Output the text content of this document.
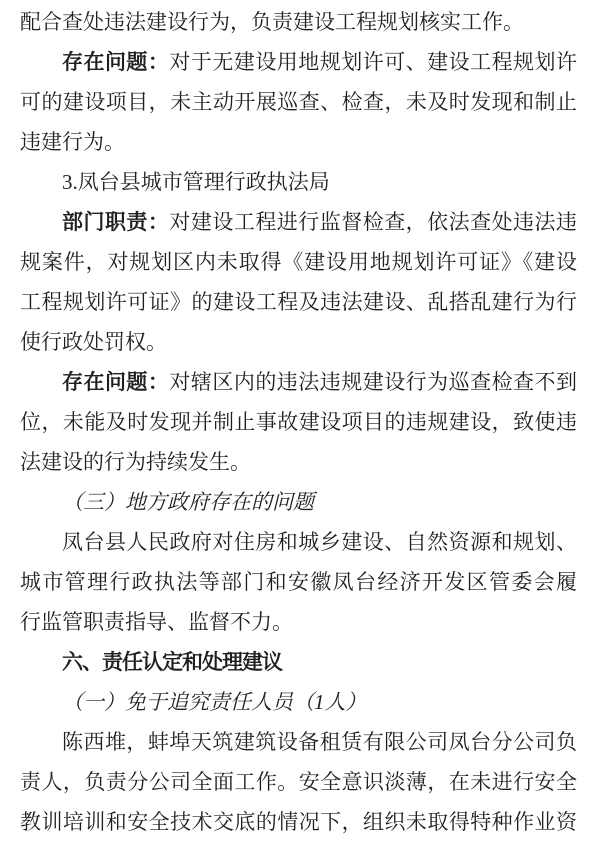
配合查处违法建设行为，负责建设工程规划核实工作。
存在问题：对于无建设用地规划许可、建设工程规划许
可的建设项目，未主动开展巡查、检查，未及时发现和制止
违建行为。
3.凤台县城市管理行政执法局
部门职责：对建设工程进行监督检查，依法查处违法违
规案件，对规划区内未取得《建设用地规划许可证》《建设
工程规划许可证》的建设工程及违法建设、乱搭乱建行为行
使行政处罚权。
存在问题：对辖区内的违法违规建设行为巡查检查不到
位，未能及时发现并制止事故建设项目的违规建设，致使违
法建设的行为持续发生。
（三）地方政府存在的问题
凤台县人民政府对住房和城乡建设、自然资源和规划、
城市管理行政执法等部门和安徽凤台经济开发区管委会履
行监管职责指导、监督不力。
六、责任认定和处理建议
（一）免于追究责任人员（1人）
陈西堆，蚌埠天筑建筑设备租赁有限公司凤台分公司负
责人，负责分公司全面工作。安全意识淡薄，在未进行安全
教训培训和安全技术交底的情况下，组织未取得特种作业资
